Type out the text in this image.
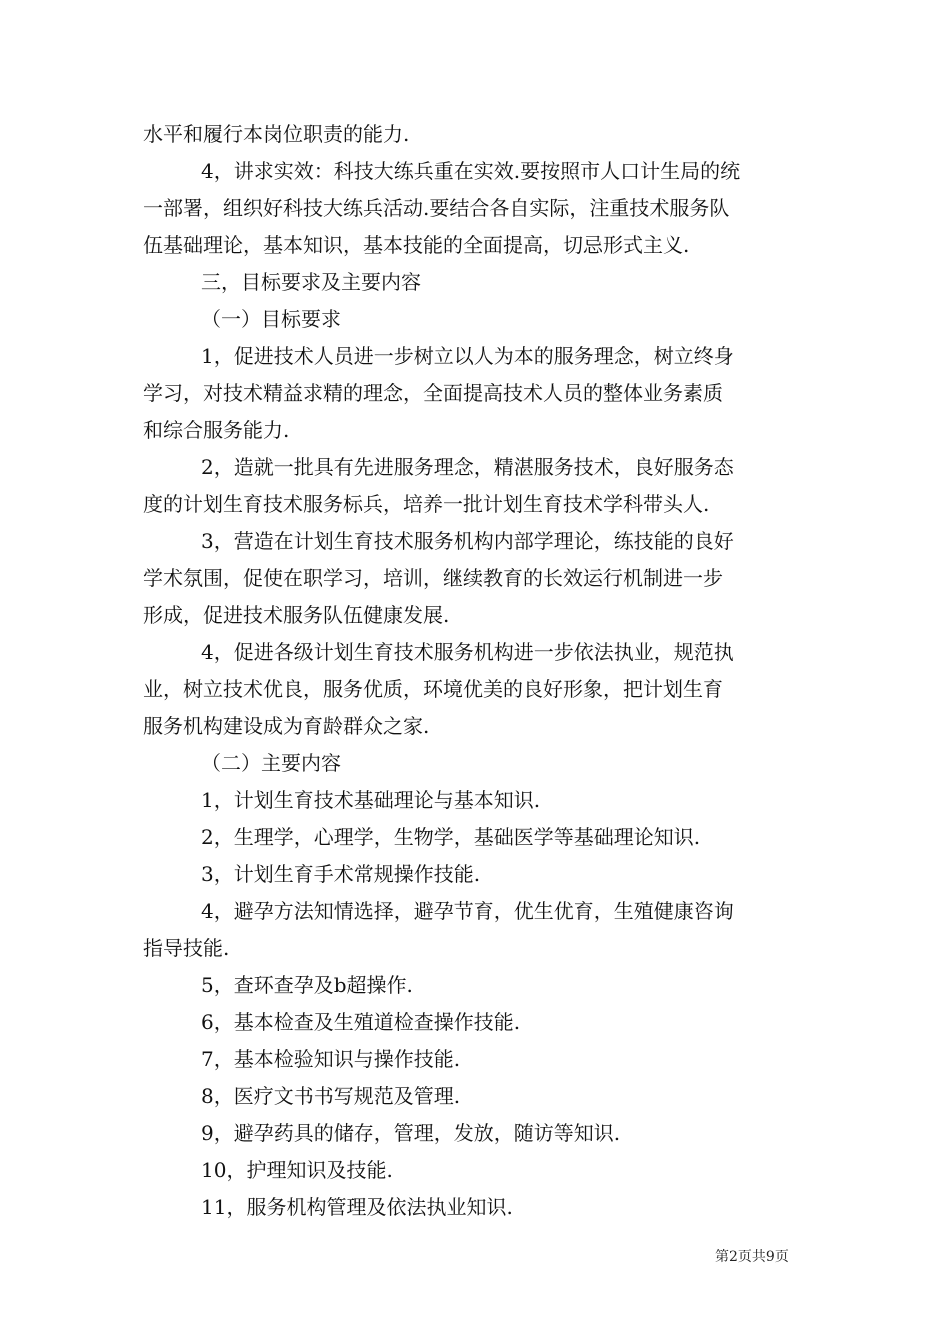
水平和履行本岗位职责的能力.

4，讲求实效：科技大练兵重在实效.要按照市人口计生局的统

一部署，组织好科技大练兵活动.要结合各自实际，注重技术服务队

伍基础理论，基本知识，基本技能的全面提高，切忌形式主义.

三，目标要求及主要内容

（一）目标要求

1，促进技术人员进一步树立以人为本的服务理念，树立终身

学习，对技术精益求精的理念，全面提高技术人员的整体业务素质

和综合服务能力.

2，造就一批具有先进服务理念，精湛服务技术，良好服务态

度的计划生育技术服务标兵，培养一批计划生育技术学科带头人.

3，营造在计划生育技术服务机构内部学理论，练技能的良好

学术氛围，促使在职学习，培训，继续教育的长效运行机制进一步

形成，促进技术服务队伍健康发展.

4，促进各级计划生育技术服务机构进一步依法执业，规范执

业，树立技术优良，服务优质，环境优美的良好形象，把计划生育

服务机构建设成为育龄群众之家.

（二）主要内容

1，计划生育技术基础理论与基本知识.

2，生理学，心理学，生物学，基础医学等基础理论知识.

3，计划生育手术常规操作技能.

4，避孕方法知情选择，避孕节育，优生优育，生殖健康咨询

指导技能.

5，查环查孕及b超操作.

6，基本检查及生殖道检查操作技能.

7，基本检验知识与操作技能.

8，医疗文书书写规范及管理.

9，避孕药具的储存，管理，发放，随访等知识.

10，护理知识及技能.

11，服务机构管理及依法执业知识.

第2页共9页
